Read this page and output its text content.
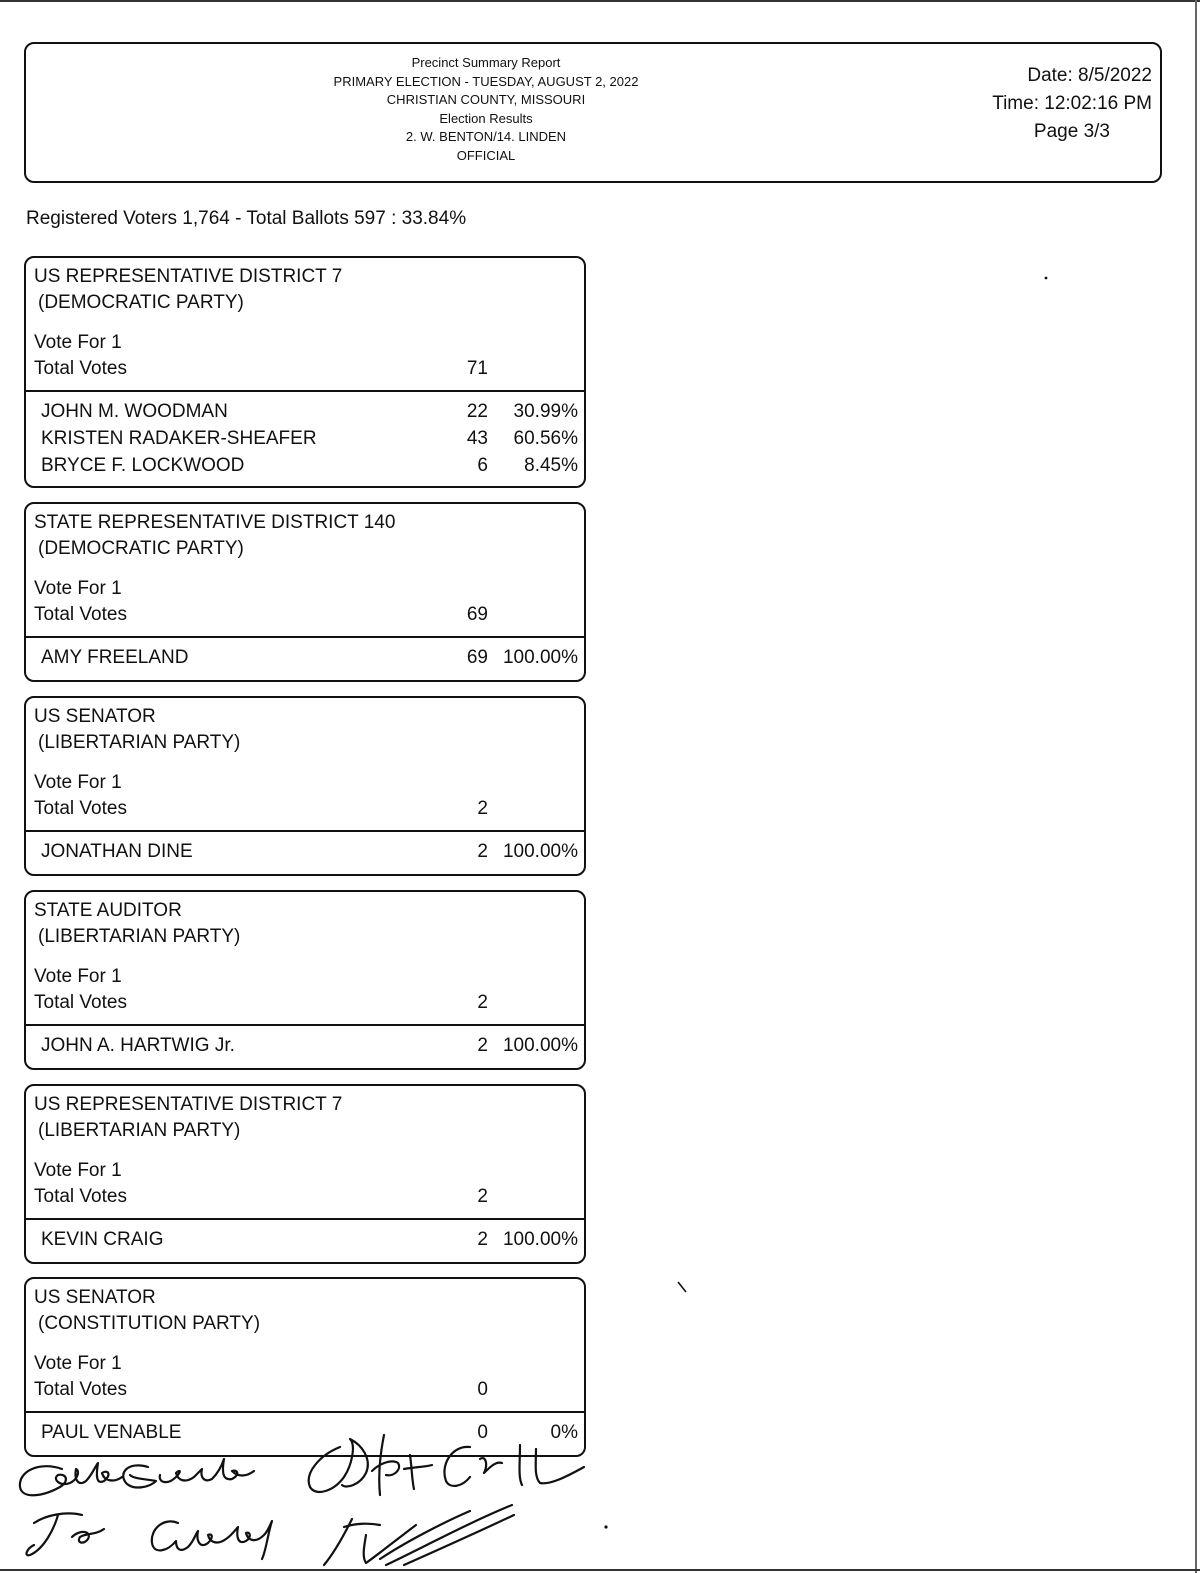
Precinct Summary Report
PRIMARY ELECTION - TUESDAY, AUGUST 2, 2022
CHRISTIAN COUNTY, MISSOURI
Election Results
2. W. BENTON/14. LINDEN
OFFICIAL
Date: 8/5/2022
Time: 12:02:16 PM
Page 3/3
Registered Voters 1,764 - Total Ballots 597 : 33.84%
US REPRESENTATIVE DISTRICT 7
(DEMOCRATIC PARTY)
Vote For 1
Total Votes	71
JOHN M. WOODMAN	22	30.99%
KRISTEN RADAKER-SHEAFER	43	60.56%
BRYCE F. LOCKWOOD	6	8.45%
STATE REPRESENTATIVE DISTRICT 140
(DEMOCRATIC PARTY)
Vote For 1
Total Votes	69
AMY FREELAND	69 100.00%
US SENATOR
(LIBERTARIAN PARTY)
Vote For 1
Total Votes	2
JONATHAN DINE	2 100.00%
STATE AUDITOR
(LIBERTARIAN PARTY)
Vote For 1
Total Votes	2
JOHN A. HARTWIG Jr.	2 100.00%
US REPRESENTATIVE DISTRICT 7
(LIBERTARIAN PARTY)
Vote For 1
Total Votes	2
KEVIN CRAIG	2 100.00%
US SENATOR
(CONSTITUTION PARTY)
Vote For 1
Total Votes	0
PAUL VENABLE	0	0%
